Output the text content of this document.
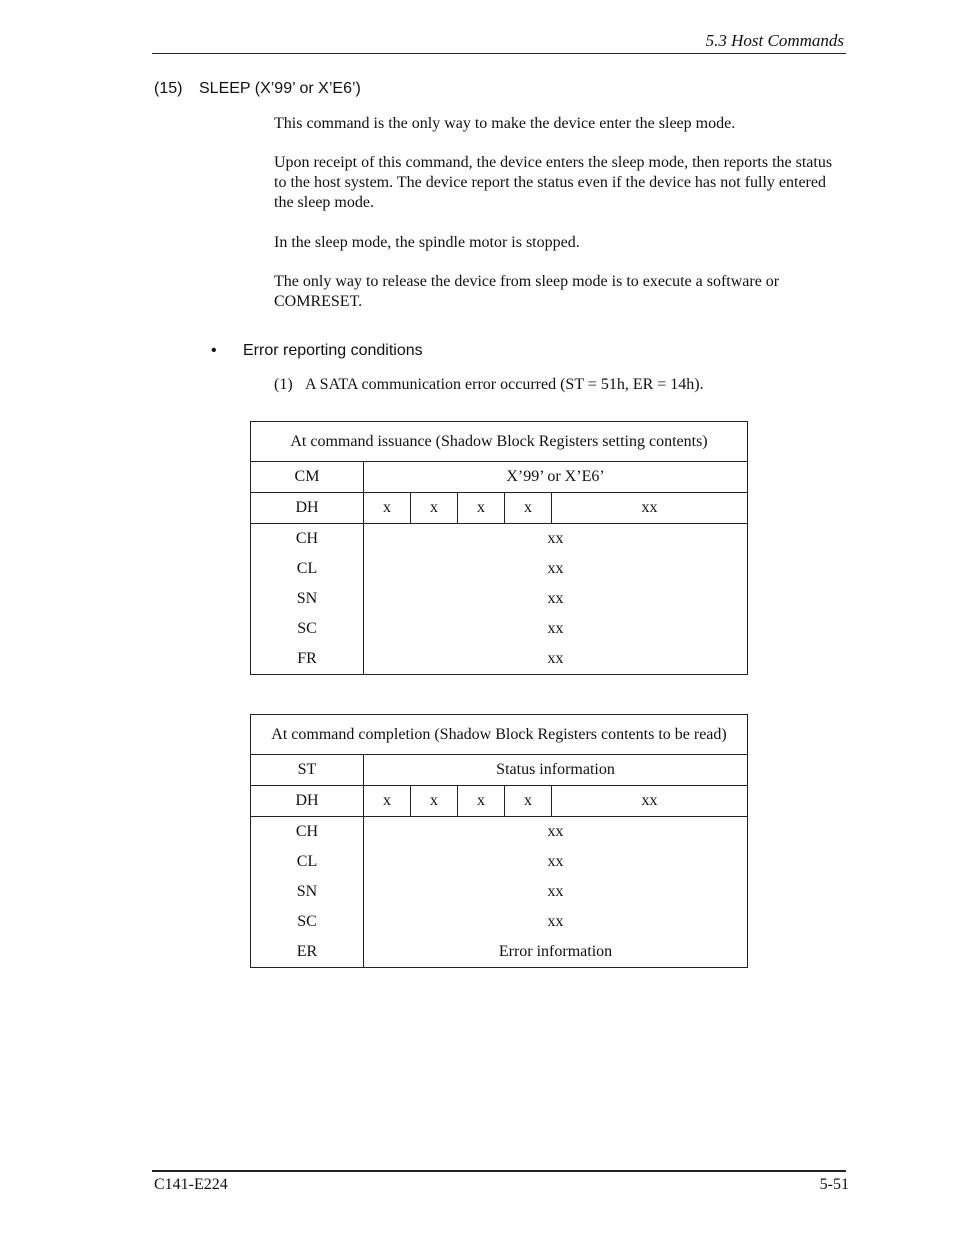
5.3 Host Commands
(15) SLEEP (X’99’ or X’E6’)
This command is the only way to make the device enter the sleep mode.
Upon receipt of this command, the device enters the sleep mode, then reports the status to the host system. The device report the status even if the device has not fully entered the sleep mode.
In the sleep mode, the spindle motor is stopped.
The only way to release the device from sleep mode is to execute a software or COMRESET.
• Error reporting conditions
(1) A SATA communication error occurred (ST = 51h, ER = 14h).
At command issuance (Shadow Block Registers setting contents)					
CM	X’99’ or X’E6’				
DH	x	x	x	x	xx
CH	xx				
CL	xx				
SN	xx				
SC	xx				
FR	xx				
At command completion (Shadow Block Registers contents to be read)					
ST	Status information				
DH	x	x	x	x	xx
CH	xx				
CL	xx				
SN	xx				
SC	xx				
ER	Error information				
C141-E224	5-51
